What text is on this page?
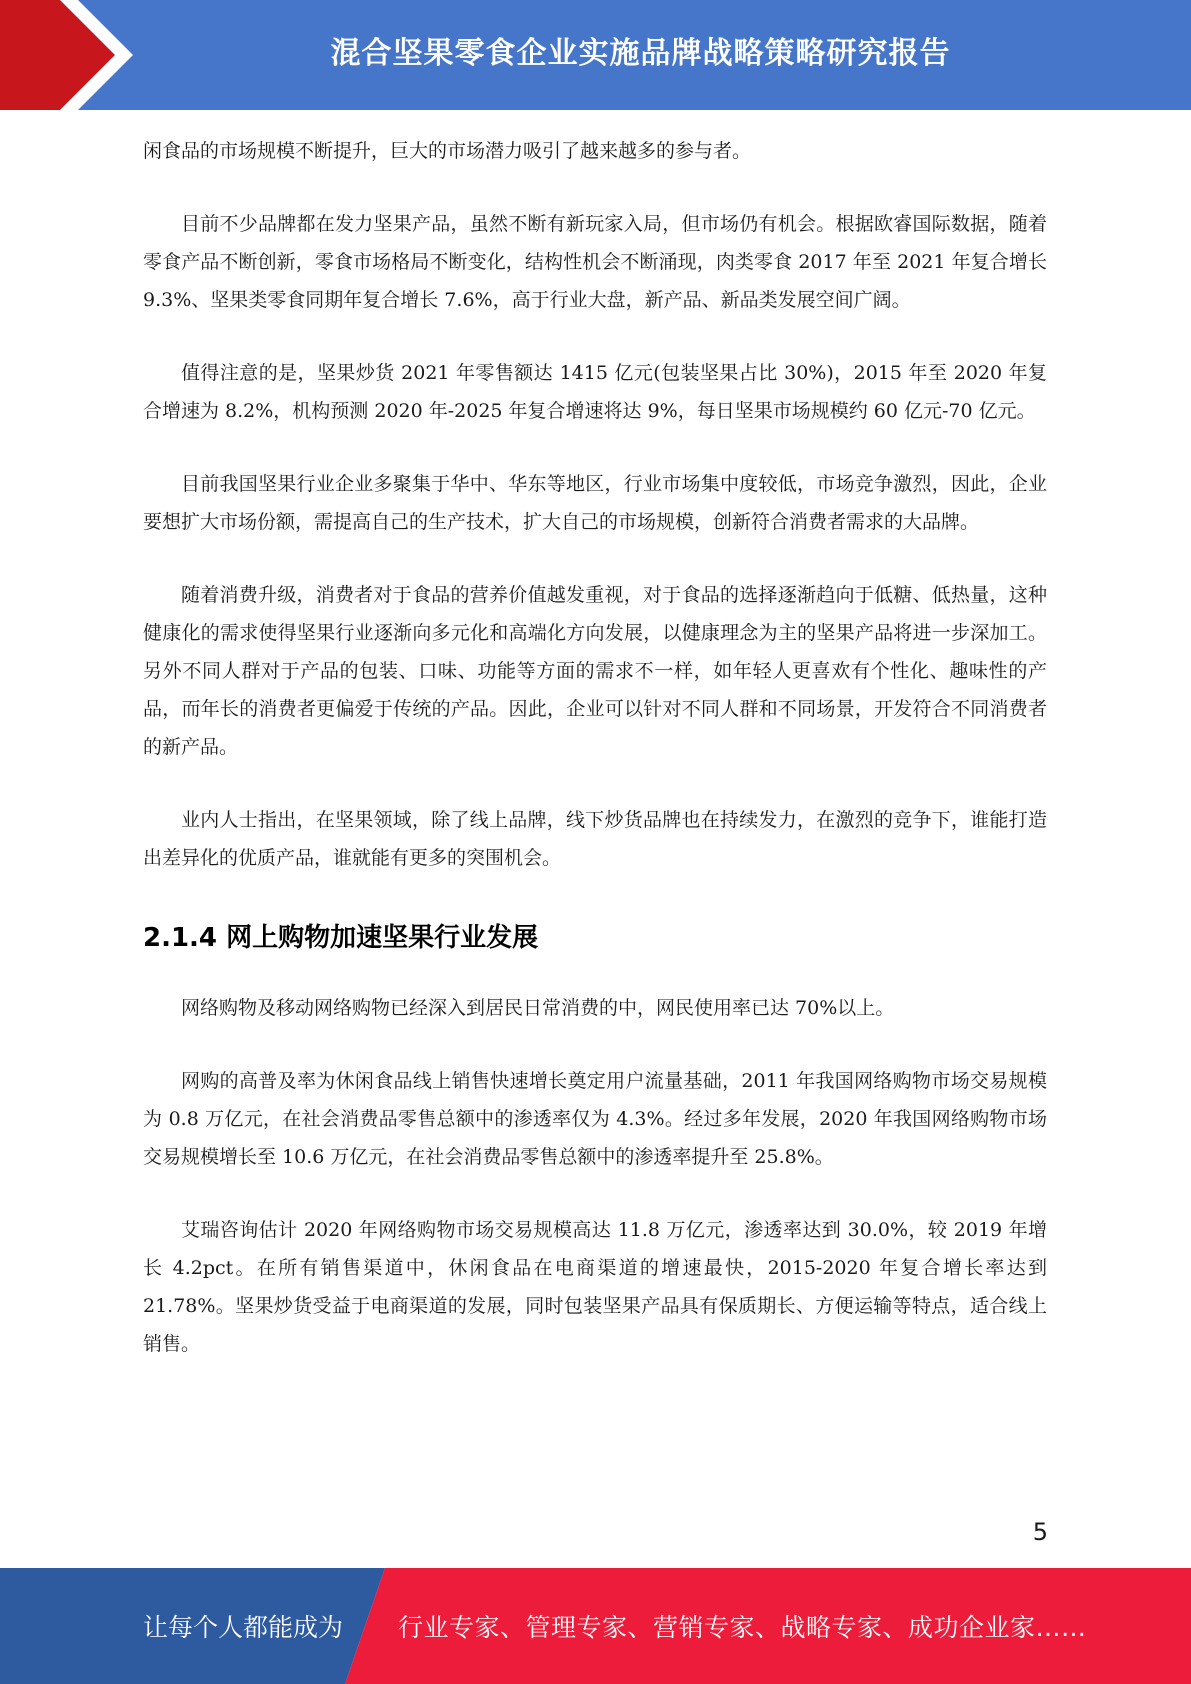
混合坚果零食企业实施品牌战略策略研究报告

闲食品的市场规模不断提升，巨大的市场潜力吸引了越来越多的参与者。

目前不少品牌都在发力坚果产品，虽然不断有新玩家入局，但市场仍有机会。根据欧睿国际数据，随着零食产品不断创新，零食市场格局不断变化，结构性机会不断涌现，肉类零食 2017 年至 2021 年复合增长 9.3%、坚果类零食同期年复合增长 7.6%，高于行业大盘，新产品、新品类发展空间广阔。

值得注意的是，坚果炒货 2021 年零售额达 1415 亿元(包装坚果占比 30%)，2015 年至 2020 年复合增速为 8.2%，机构预测 2020 年-2025 年复合增速将达 9%，每日坚果市场规模约 60 亿元-70 亿元。

目前我国坚果行业企业多聚集于华中、华东等地区，行业市场集中度较低，市场竞争激烈，因此，企业要想扩大市场份额，需提高自己的生产技术，扩大自己的市场规模，创新符合消费者需求的大品牌。

随着消费升级，消费者对于食品的营养价值越发重视，对于食品的选择逐渐趋向于低糖、低热量，这种健康化的需求使得坚果行业逐渐向多元化和高端化方向发展，以健康理念为主的坚果产品将进一步深加工。另外不同人群对于产品的包装、口味、功能等方面的需求不一样，如年轻人更喜欢有个性化、趣味性的产品，而年长的消费者更偏爱于传统的产品。因此，企业可以针对不同人群和不同场景，开发符合不同消费者的新产品。

业内人士指出，在坚果领域，除了线上品牌，线下炒货品牌也在持续发力，在激烈的竞争下，谁能打造出差异化的优质产品，谁就能有更多的突围机会。

2.1.4 网上购物加速坚果行业发展

网络购物及移动网络购物已经深入到居民日常消费的中，网民使用率已达 70%以上。

网购的高普及率为休闲食品线上销售快速增长奠定用户流量基础，2011 年我国网络购物市场交易规模为 0.8 万亿元，在社会消费品零售总额中的渗透率仅为 4.3%。经过多年发展，2020 年我国网络购物市场交易规模增长至 10.6 万亿元，在社会消费品零售总额中的渗透率提升至 25.8%。

艾瑞咨询估计 2020 年网络购物市场交易规模高达 11.8 万亿元，渗透率达到 30.0%，较 2019 年增长 4.2pct。在所有销售渠道中，休闲食品在电商渠道的增速最快，2015-2020 年复合增长率达到 21.78%。坚果炒货受益于电商渠道的发展，同时包装坚果产品具有保质期长、方便运输等特点，适合线上销售。

5
让每个人都能成为 行业专家、管理专家、营销专家、战略专家、成功企业家……
